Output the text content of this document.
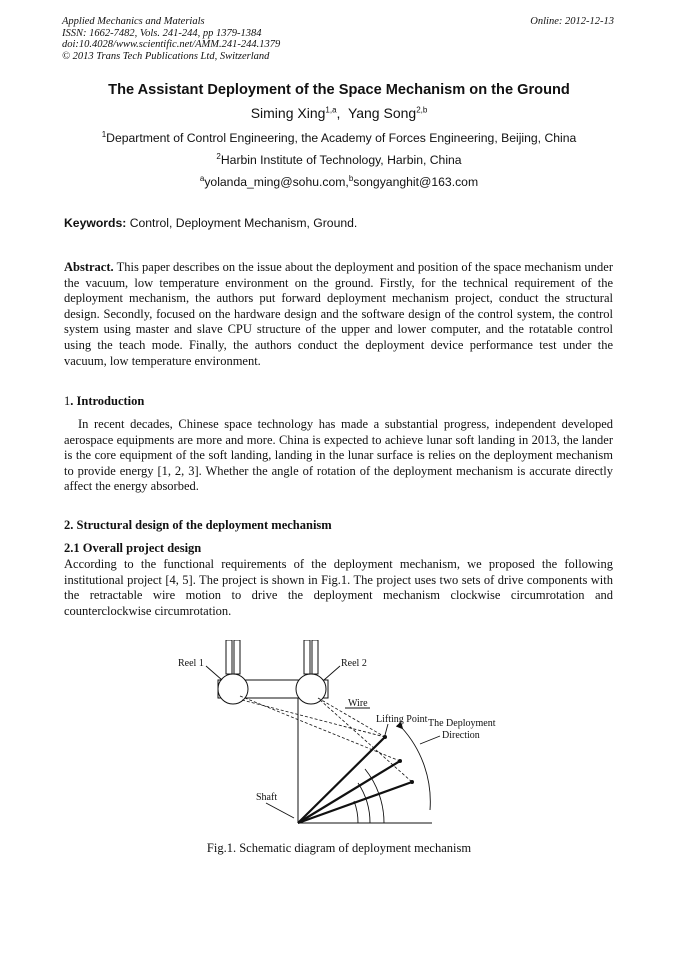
Applied Mechanics and Materials
ISSN: 1662-7482, Vols. 241-244, pp 1379-1384
doi:10.4028/www.scientific.net/AMM.241-244.1379
© 2013 Trans Tech Publications Ltd, Switzerland
Online: 2012-12-13
The Assistant Deployment of the Space Mechanism on the Ground
Siming Xing$^{1,a}$,  Yang Song$^{2,b}$
$^1$Department of Control Engineering, the Academy of Forces Engineering, Beijing, China
$^2$Harbin Institute of Technology, Harbin, China
$^a$yolanda_ming@sohu.com,$^b$songyanghit@163.com
Keywords: Control, Deployment Mechanism, Ground.
Abstract. This paper describes on the issue about the deployment and position of the space mechanism under the vacuum, low temperature environment on the ground. Firstly, for the technical requirement of the deployment mechanism, the authors put forward deployment mechanism project, conduct the structural design. Secondly, focused on the hardware design and the software design of the control system, the control system using master and slave CPU structure of the upper and lower computer, and the rotatable control using the teach mode. Finally, the authors conduct the deployment device performance test under the vacuum, low temperature environment.
1. Introduction
In recent decades, Chinese space technology has made a substantial progress, independent developed aerospace equipments are more and more. China is expected to achieve lunar soft landing in 2013, the lander is the core equipment of the soft landing, landing in the lunar surface is relies on the deployment mechanism to provide energy [1, 2, 3]. Whether the angle of rotation of the deployment mechanism is accurate directly affect the energy absorbed.
2. Structural design of the deployment mechanism
2.1 Overall project design
According to the functional requirements of the deployment mechanism, we proposed the following institutional project [4, 5]. The project is shown in Fig.1. The project uses two sets of drive components with the retractable wire motion to drive the deployment mechanism clockwise circumrotation and counterclockwise circumrotation.
Reel 1	Reel 2
Wire
Lifting Point The Deployment
Direction
Shaft
Fig.1. Schematic diagram of deployment mechanism
